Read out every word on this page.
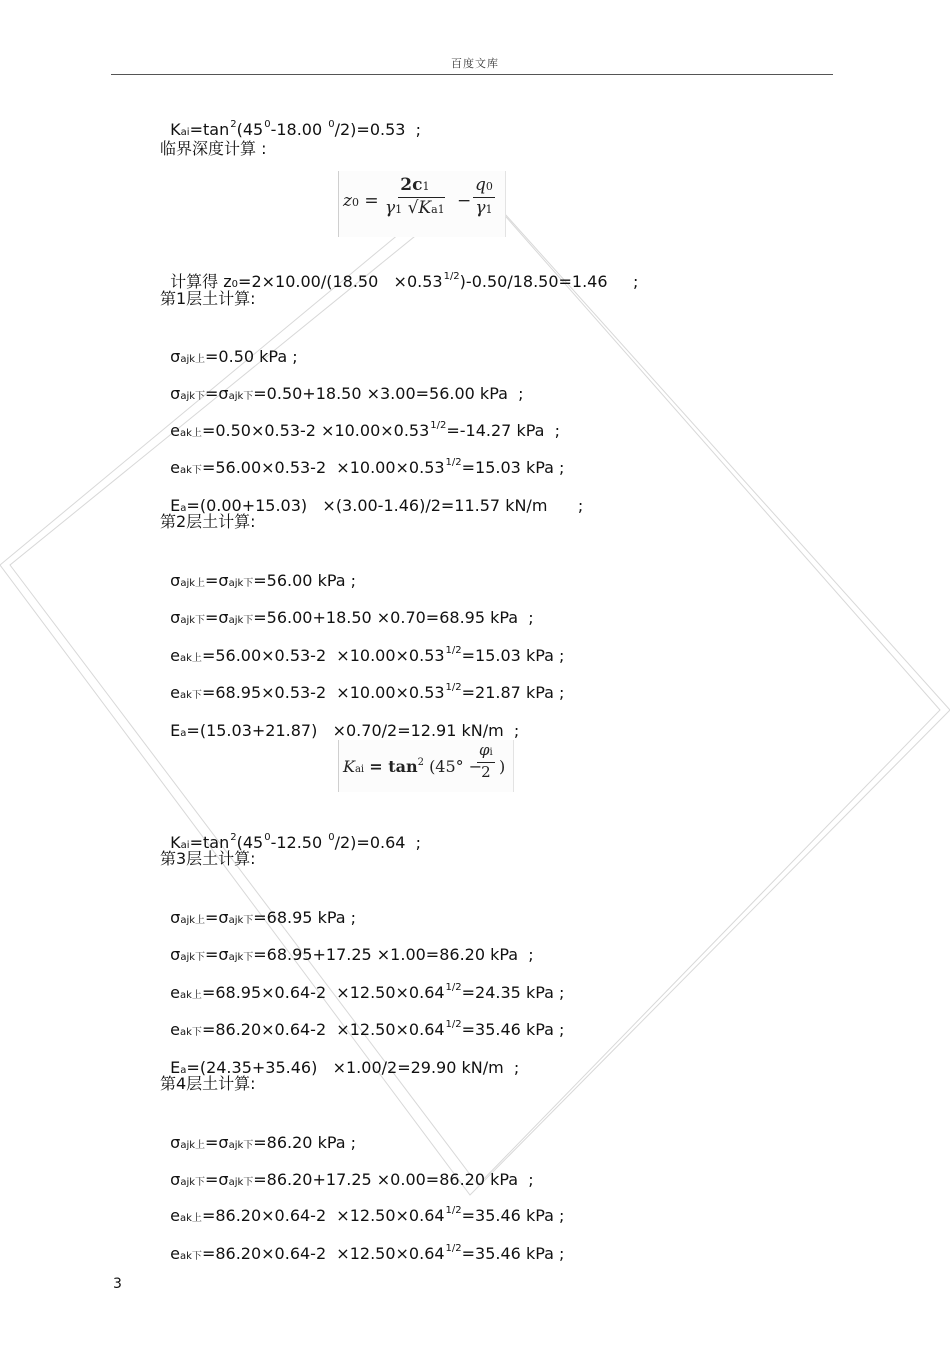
百度文库

$Kai=\tan^2(45^0-18.00$ $^0$/2)=0.53  ;

临界深度计算 :
$z0 = \frac{2c1}{\gamma 1 √Ka1} - \frac{q0}{\gamma 1}$

计算得 $z0=2\times 10.00/(18.50 \times 0.53^{1/2})-0.50/18.50=1.46$     ;

第1层土计算:

σajk上=0.50 kPa ;

σajk下=σajk下=0.50+18.50 ×3.00=56.00 kPa  ;

eak上$=0.50\times 0.53-2 \times 10.00\times 0.53^{1/2}=-14.27$ kPa  ;

eak下$=56.00\times 0.53-2 \times 10.00\times 0.53^{1/2}=15.03$ kPa ;

Ea=(0.00+15.03)   ×(3.00-1.46)/2=11.57 kN/m      ;

第2层土计算:

σajk上=σajk下=56.00 kPa ;

σajk下=σajk下=56.00+18.50 ×0.70=68.95 kPa  ;

eak上$=56.00\times 0.53-2 \times 10.00\times 0.53^{1/2}=15.03$ kPa ;

eak下$=68.95\times 0.53-2 \times 10.00\times 0.53^{1/2}=21.87$ kPa ;

Ea=(15.03+21.87)   ×0.70/2=12.91 kN/m  ;

Kai = $\tan^2 (45^\circ$ −
$\frac{\varphi i}{2}$ )

$Kai=\tan^2(45^0-12.50$ $^0$/2)=0.64  ;

第3层土计算:

σajk上=σajk下=68.95 kPa ;

σajk下=σajk下=68.95+17.25 ×1.00=86.20 kPa  ;

eak上$=68.95\times 0.64-2 \times 12.50\times 0.64^{1/2}=24.35$ kPa ;

eak下$=86.20\times 0.64-2 \times 12.50\times 0.64^{1/2}=35.46$ kPa ;

Ea=(24.35+35.46)   ×1.00/2=29.90 kN/m  ;

第4层土计算:

σajk上=σajk下=86.20 kPa ;

σajk下=σajk下=86.20+17.25 ×0.00=86.20 kPa  ;

eak上$=86.20\times 0.64-2 \times 12.50\times 0.64^{1/2}=35.46$ kPa ;

eak下$=86.20\times 0.64-2 \times 12.50\times 0.64^{1/2}=35.46$ kPa ;

3
